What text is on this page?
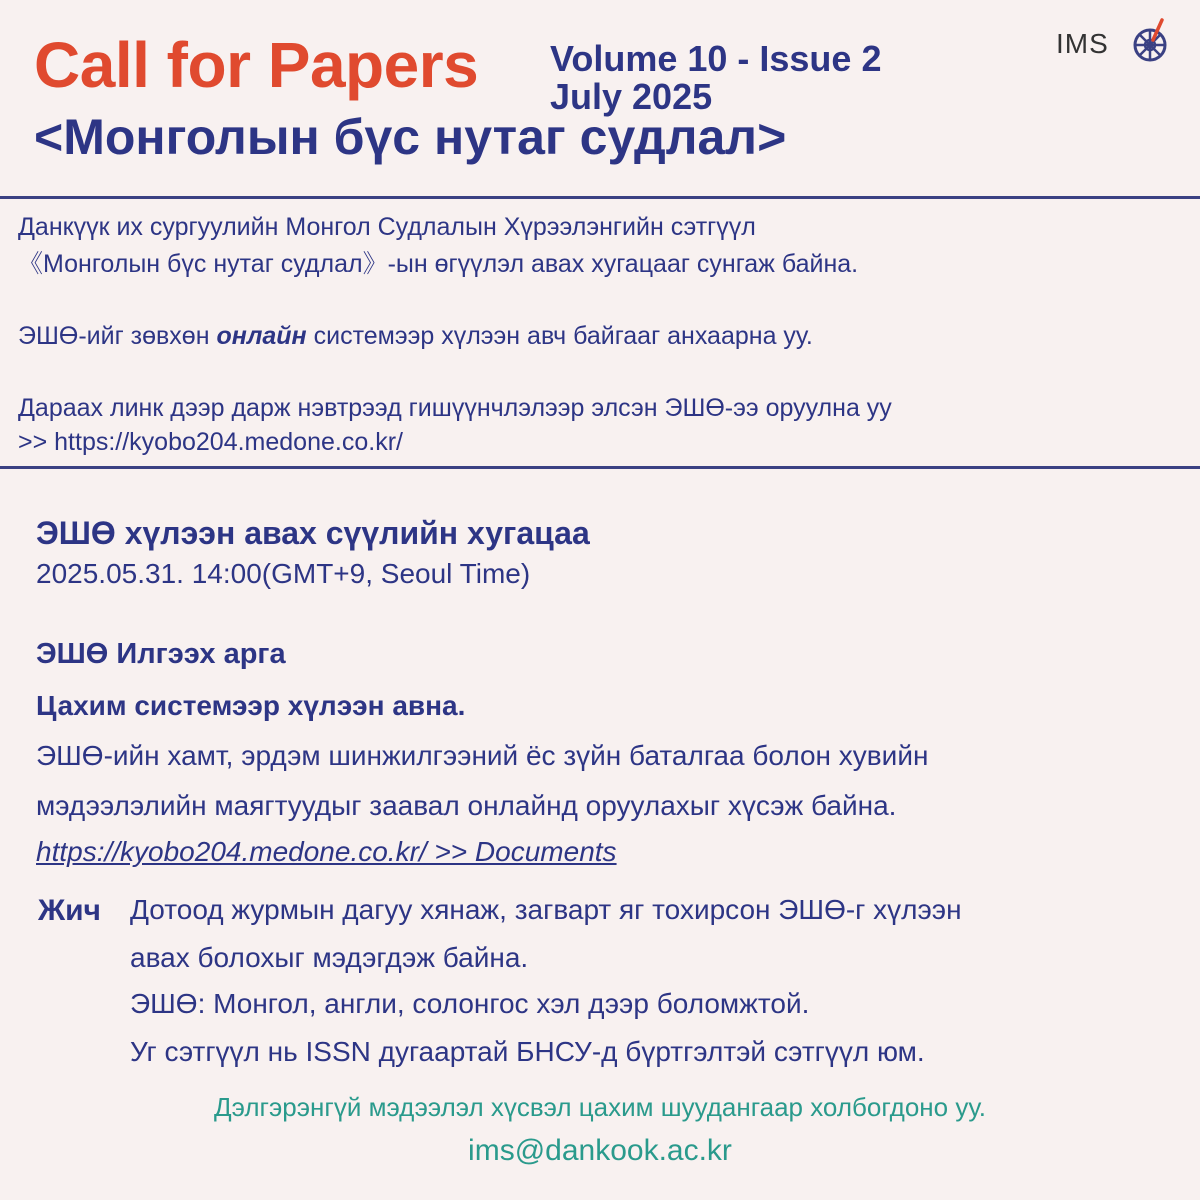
Call for Papers Volume 10 - Issue 2
July 2025
<Монголын бүс нутаг судлал>
IMS
Данкүүк их сургуулийн Монгол Судлалын Хүрээлэнгийн сэтгүүл
《Монголын бүс нутаг судлал》-ын өгүүлэл авах хугацааг сунгаж байна.
ЭШӨ-ийг зөвхөн онлайн системээр хүлээн авч байгааг анхаарна уу.
Дараах линк дээр дарж нэвтрээд гишүүнчлэлээр элсэн ЭШӨ-ээ оруулна уу
>> https://kyobo204.medone.co.kr/
ЭШӨ хүлээн авах сүүлийн хугацаа
2025.05.31. 14:00(GMT+9, Seoul Time)
ЭШӨ Илгээх арга
Цахим системээр хүлээн авна.
ЭШӨ-ийн хамт, эрдэм шинжилгээний ёс зүйн баталгаа болон хувийн
мэдээлэлийн маягтуудыг заавал онлайнд оруулахыг хүсэж байна.
https://kyobo204.medone.co.kr/ >> Documents
Жич Дотоод журмын дагуу хянаж, загварт яг тохирсон ЭШӨ-г хүлээн
авах болохыг мэдэгдэж байна.
ЭШӨ: Монгол, англи, солонгос хэл дээр боломжтой.
Уг сэтгүүл нь ISSN дугаартай БНСУ-д бүртгэлтэй сэтгүүл юм.
Дэлгэрэнгүй мэдээлэл хүсвэл цахим шуудангаар холбогдоно уу.
ims@dankook.ac.kr
